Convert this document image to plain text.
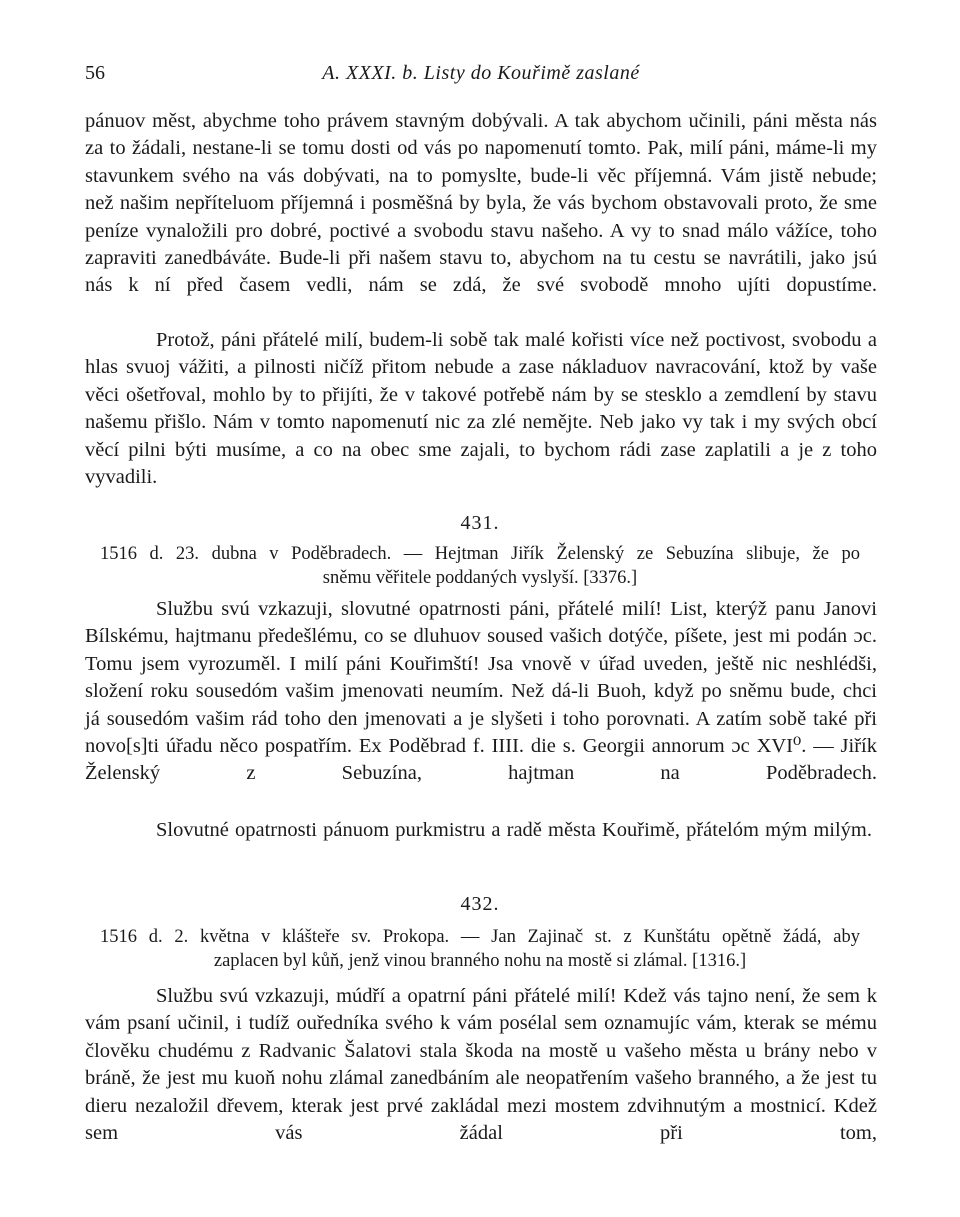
56	A. XXXI. b. Listy do Kouřimě zaslané

pánuov měst, abychme toho právem stavným dobývali. A tak abychom učinili, páni města nás za to žádali, nestane-li se tomu dosti od vás po napomenutí tomto. Pak, milí páni, máme-li my stavunkem svého na vás dobývati, na to pomyslte, bude-li věc příjemná. Vám jistě nebude; než našim nepříteluom příjemná i posměšná by byla, že vás bychom obstavovali proto, že sme peníze vynaložili pro dobré, poctivé a svobodu stavu našeho. A vy to snad málo vážíce, toho zapraviti zanedbáváte. Bude-li při našem stavu to, abychom na tu cestu se navrátili, jako jsú nás k ní před časem vedli, nám se zdá, že své svobodě mnoho ujíti dopustíme.

Protož, páni přátelé milí, budem-li sobě tak malé kořisti více než poctivost, svobodu a hlas svuoj vážiti, a pilnosti ničíž přitom nebude a zase nákladuov navracování, ktož by vaše věci ošetřoval, mohlo by to přijíti, že v takové potřebě nám by se stesklo a zemdlení by stavu našemu přišlo. Nám v tomto napomenutí nic za zlé nemějte. Neb jako vy tak i my svých obcí věcí pilni býti musíme, a co na obec sme zajali, to bychom rádi zase zaplatili a je z toho vyvadili.

431.
1516 d. 23. dubna v Poděbradech. — Hejtman Jiřík Želenský ze Sebuzína slibuje, že po
sněmu věřitele poddaných vyslyší. [3376.]

Službu svú vzkazuji, slovutné opatrnosti páni, přátelé milí! List, kterýž panu Janovi Bílskému, hajtmanu předešlému, co se dluhuov soused vašich dotýče, píšete, jest mi podán ɔc. Tomu jsem vyrozuměl. I milí páni Kouřimští! Jsa vnově v úřad uveden, ještě nic neshlédši, složení roku sousedóm vašim jmenovati neumím. Než dá-li Buoh, když po sněmu bude, chci já sousedóm vašim rád toho den jmenovati a je slyšeti i toho porovnati. A zatím sobě také při novo[s]ti úřadu něco pospatřím. Ex Poděbrad f. IIII. die s. Georgii annorum ɔc XVI⁰. — Jiřík Želenský z Sebuzína, hajtman na Poděbradech.

Slovutné opatrnosti pánuom purkmistru a radě města Kouřimě, přátelóm mým milým.

432.
1516 d. 2. května v klášteře sv. Prokopa. — Jan Zajinač st. z Kunštátu opětně žádá, aby
zaplacen byl kůň, jenž vinou branného nohu na mostě si zlámal. [1316.]

Službu svú vzkazuji, múdří a opatrní páni přátelé milí! Kdež vás tajno není, že sem k vám psaní učinil, i tudíž ouředníka svého k vám posélal sem oznamujíc vám, kterak se mému člověku chudému z Radvanic Šalatovi stala škoda na mostě u vašeho města u brány nebo v bráně, že jest mu kuoň nohu zlámal zanedbáním ale neopatřením vašeho branného, a že jest tu dieru nezaložil dřevem, kterak jest prvé zakládal mezi mostem zdvihnutým a mostnicí. Kdež sem vás žádal při tom,
